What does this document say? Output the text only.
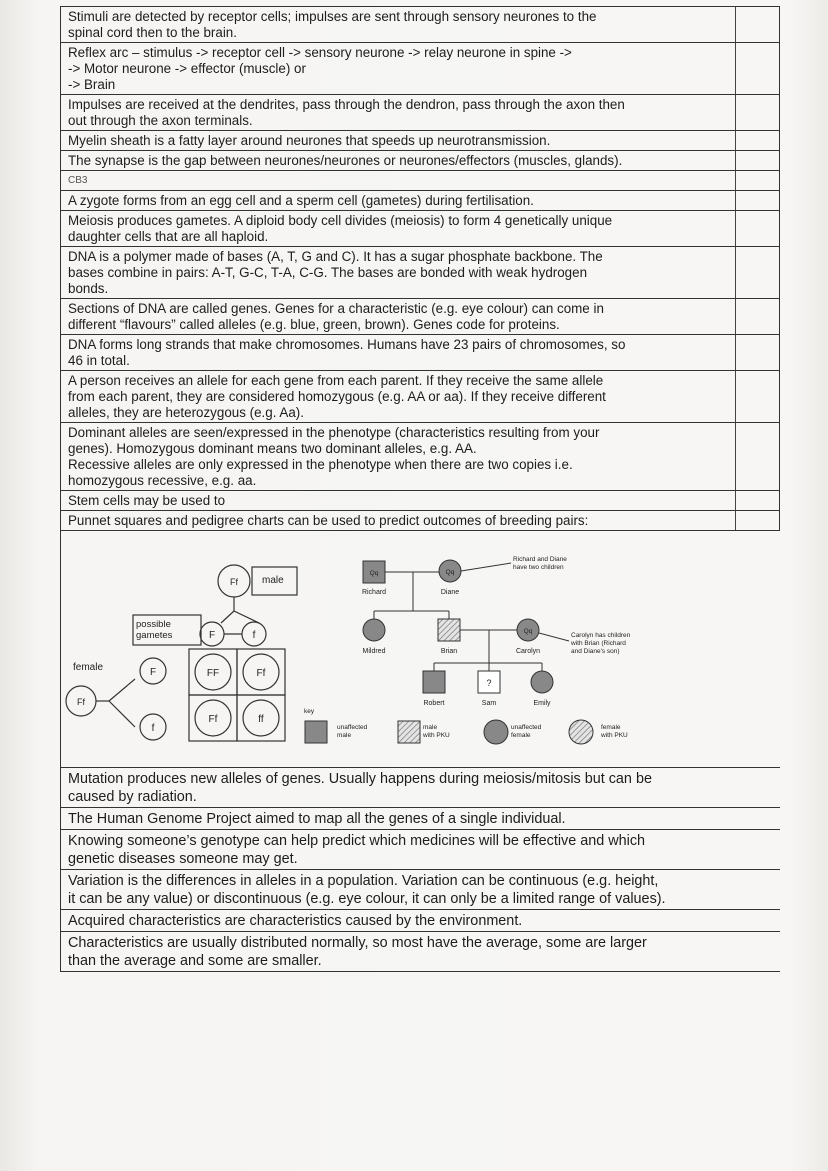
Stimuli are detected by receptor cells; impulses are sent through sensory neurones to the
spinal cord then to the brain.
Reflex arc – stimulus -> receptor cell -> sensory neurone -> relay neurone in spine ->
-> Motor neurone -> effector (muscle) or
-> Brain
Impulses are received at the dendrites, pass through the dendron, pass through the axon then
out through the axon terminals.
Myelin sheath is a fatty layer around neurones that speeds up neurotransmission.
The synapse is the gap between neurones/neurones or neurones/effectors (muscles, glands).
CB3
A zygote forms from an egg cell and a sperm cell (gametes) during fertilisation.
Meiosis produces gametes. A diploid body cell divides (meiosis) to form 4 genetically unique
daughter cells that are all haploid.
DNA is a polymer made of bases (A, T, G and C). It has a sugar phosphate backbone. The
bases combine in pairs: A-T, G-C, T-A, C-G. The bases are bonded with weak hydrogen
bonds.
Sections of DNA are called genes. Genes for a characteristic (e.g. eye colour) can come in
different “flavours” called alleles (e.g. blue, green, brown). Genes code for proteins.
DNA forms long strands that make chromosomes. Humans have 23 pairs of chromosomes, so
46 in total.
A person receives an allele for each gene from each parent. If they receive the same allele
from each parent, they are considered homozygous (e.g. AA or aa). If they receive different
alleles, they are heterozygous (e.g. Aa).
Dominant alleles are seen/expressed in the phenotype (characteristics resulting from your
genes). Homozygous dominant means two dominant alleles, e.g. AA.
Recessive alleles are only expressed in the phenotype when there are two copies i.e.
homozygous recessive, e.g. aa.
Stem cells may be used to
Punnet squares and pedigree charts can be used to predict outcomes of breeding pairs:
Ff male
possible gametes	F	f
female
Ff
F
f
FF	Ff
Ff	ff
Qq
Richard
Qq
Diane
Richard and Diane have two children
Mildred	Brian
Qq
Carolyn
Carolyn has children with Brian (Richard and Diane's son)
Robert
?
Sam	Emily
key
unaffected male
male with PKU
unaffected female
female with PKU
Mutation produces new alleles of genes. Usually happens during meiosis/mitosis but can be
caused by radiation.
The Human Genome Project aimed to map all the genes of a single individual.
Knowing someone’s genotype can help predict which medicines will be effective and which
genetic diseases someone may get.
Variation is the differences in alleles in a population. Variation can be continuous (e.g. height,
it can be any value) or discontinuous (e.g. eye colour, it can only be a limited range of values).
Acquired characteristics are characteristics caused by the environment.
Characteristics are usually distributed normally, so most have the average, some are larger
than the average and some are smaller.
